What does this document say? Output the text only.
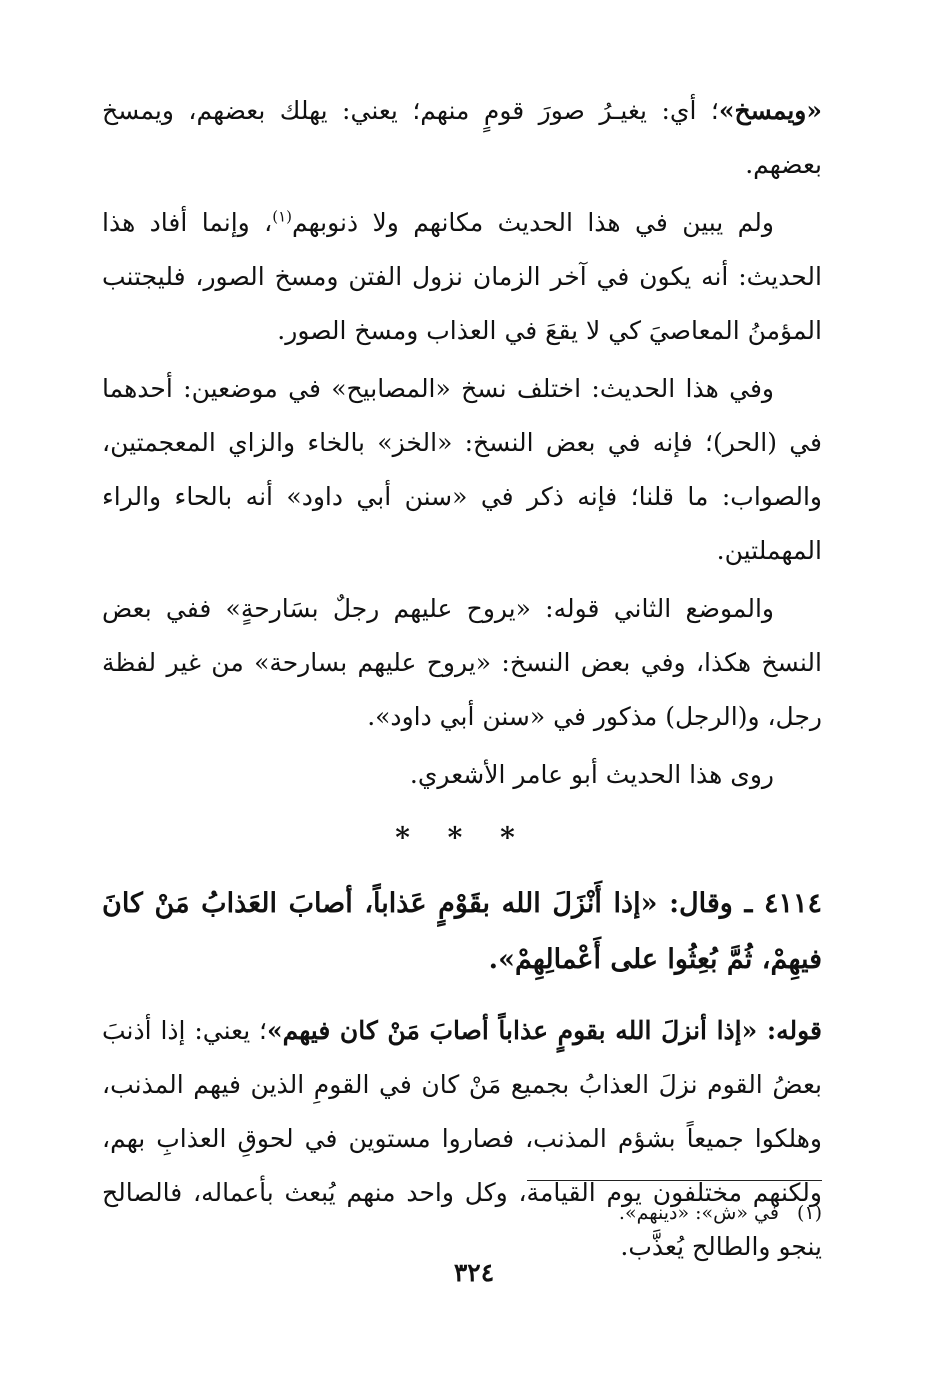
«ويمسخ»؛ أي: يغيـرُ صورَ قومٍ منهم؛ يعني: يهلك بعضهم، ويمسخ بعضهم.

ولم يبين في هذا الحديث مكانهم ولا ذنوبهم$^{(١)}$، وإنما أفاد هذا الحديث: أنه يكون في آخر الزمان نزول الفتن ومسخ الصور، فليجتنب المؤمنُ المعاصيَ كي لا يقعَ في العذاب ومسخ الصور.

وفي هذا الحديث: اختلف نسخ «المصابيح» في موضعين: أحدهما في (الحر)؛ فإنه في بعض النسخ: «الخز» بالخاء والزاي المعجمتين، والصواب: ما قلنا؛ فإنه ذكر في «سنن أبي داود» أنه بالحاء والراء المهملتين.

والموضع الثاني قوله: «يروح عليهم رجلٌ بسَارحةٍ» ففي بعض النسخ هكذا، وفي بعض النسخ: «يروح عليهم بسارحة» من غير لفظة رجل، و(الرجل) مذكور في «سنن أبي داود».

روى هذا الحديث أبو عامر الأشعري.

* * *

٤١١٤ ـ وقال: «إذا أَنْزَلَ الله بقَوْمٍ عَذاباً، أصابَ العَذابُ مَنْ كانَ فيهِمْ، ثُمَّ بُعِثُوا على أَعْمالِهِمْ».

قوله: «إذا أنزلَ الله بقومٍ عذاباً أصابَ مَنْ كان فيهم»؛ يعني: إذا أذنبَ بعضُ القوم نزلَ العذابُ بجميع مَنْ كان في القومِ الذين فيهم المذنب، وهلكوا جميعاً بشؤم المذنب، فصاروا مستوين في لحوقِ العذابِ بهم، ولكنهم مختلفون يوم القيامة، وكل واحد منهم يُبعث بأعماله، فالصالح ينجو والطالح يُعذَّب.

(١)في «ش»: «دينهم».
٣٢٤
